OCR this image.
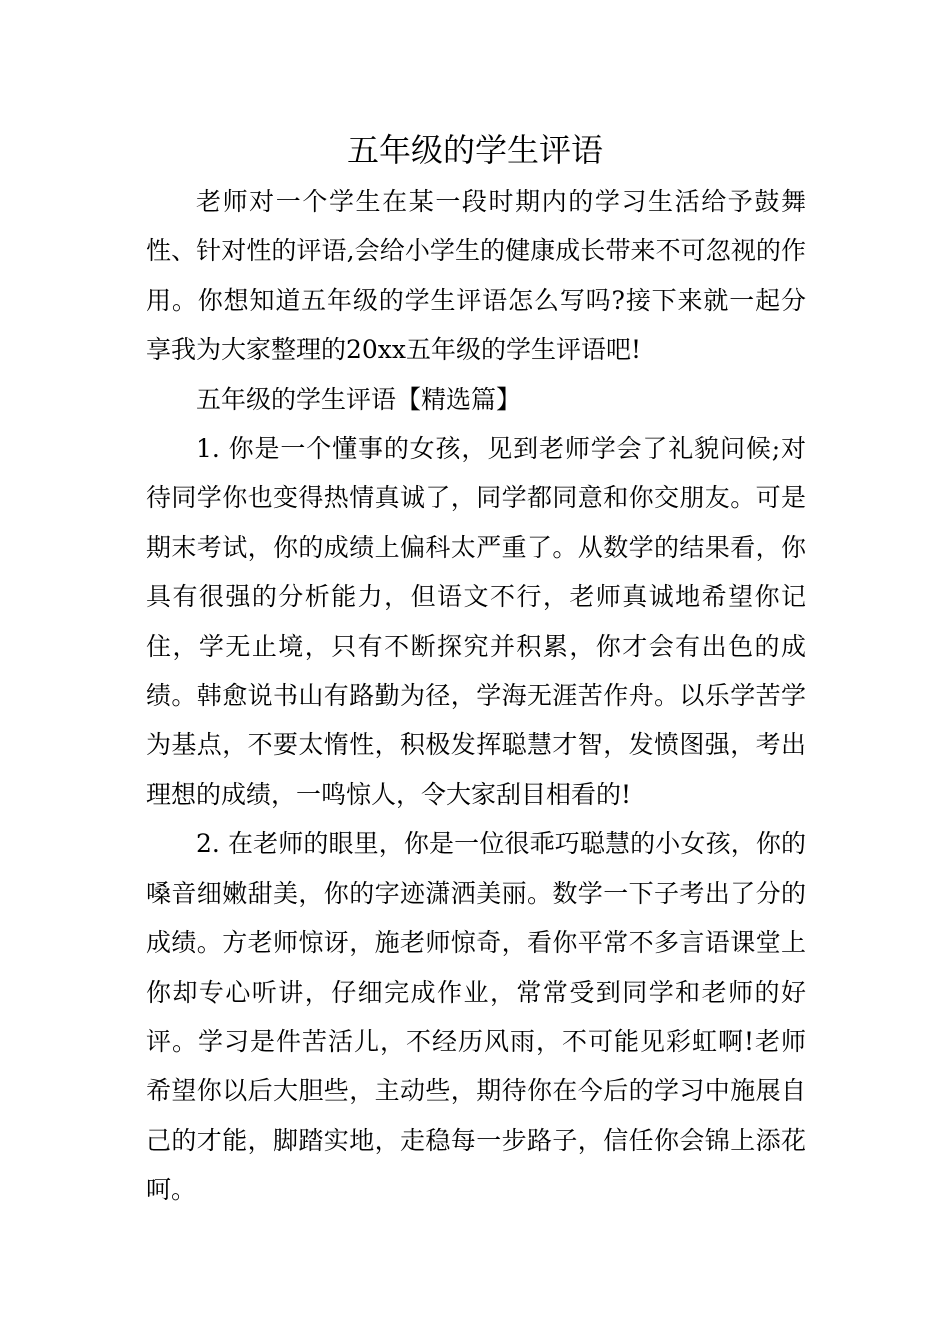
五年级的学生评语

老师对一个学生在某一段时期内的学习生活给予鼓舞性、针对性的评语,会给小学生的健康成长带来不可忽视的作用。你想知道五年级的学生评语怎么写吗?接下来就一起分享我为大家整理的20xx五年级的学生评语吧!

五年级的学生评语【精选篇】

1. 你是一个懂事的女孩，见到老师学会了礼貌问候;对待同学你也变得热情真诚了，同学都同意和你交朋友。可是期末考试，你的成绩上偏科太严重了。从数学的结果看，你具有很强的分析能力，但语文不行，老师真诚地希望你记住，学无止境，只有不断探究并积累，你才会有出色的成绩。韩愈说书山有路勤为径，学海无涯苦作舟。以乐学苦学为基点，不要太惰性，积极发挥聪慧才智，发愤图强，考出理想的成绩，一鸣惊人，令大家刮目相看的!

2. 在老师的眼里，你是一位很乖巧聪慧的小女孩，你的嗓音细嫩甜美，你的字迹潇洒美丽。数学一下子考出了分的成绩。方老师惊讶，施老师惊奇，看你平常不多言语课堂上你却专心听讲，仔细完成作业，常常受到同学和老师的好评。学习是件苦活儿，不经历风雨，不可能见彩虹啊!老师希望你以后大胆些，主动些，期待你在今后的学习中施展自己的才能，脚踏实地，走稳每一步路子，信任你会锦上添花呵。
